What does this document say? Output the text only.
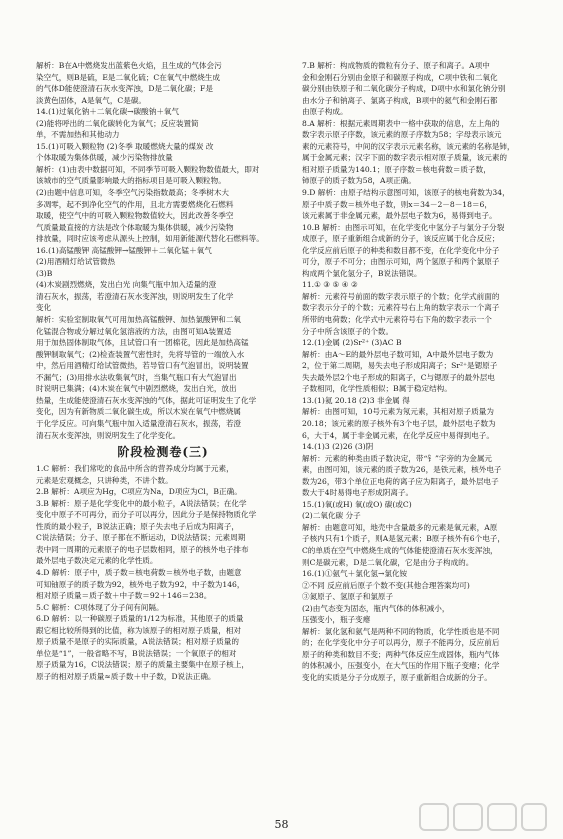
解析：B在A中燃烧发出蓝紫色火焰，且生成的气体会污
染空气，则B是硫，E是二氧化硫；C在氧气中燃烧生成
的气体D能使澄清石灰水变浑浊，D是二氧化碳；F是
淡黄色固体，A是氧气，C是碳。
14.(1)过氧化钠＋二氧化碳→碳酸钠＋氧气
(2)能将呼出的二氧化碳转化为氧气；反应装置简
单，不需加热和其他动力
15.(1)可吸入颗粒物 (2)冬季 取暖燃烧大量的煤炭 改
个体取暖为集体供暖，减少污染物排放量
解析：(1)由表中数据可知，不同季节可吸入颗粒物数值最大，即对
该城市的空气质量影响最大的指标项目是可吸入颗粒物。
(2)由题中信息可知，冬季空气污染指数最高；冬季树木大
多凋零，起不到净化空气的作用，且北方需要燃烧化石燃料
取暖，使空气中的可吸入颗粒物数值较大，因此改善冬季空
气质量最直接的方法是改个体取暖为集体供暖，减少污染物
排放量，同时应该考虑从源头上控制，如用新能源代替化石燃料等。
16.(1)高锰酸钾 高锰酸钾→锰酸钾＋二氧化锰＋氧气
(2)用酒精灯给试管微热
(3)B
(4)木炭剧烈燃烧，发出白光 向集气瓶中加入适量的澄
清石灰水，振荡，若澄清石灰水变浑浊，则说明发生了化学
变化
解析：实验室制取氧气可用加热高锰酸钾、加热氯酸钾和二氧
化锰混合物或分解过氧化氢溶液的方法，由图可知A装置适
用于加热固体制取气体，且试管口有一团棉花，因此是加热高锰
酸钾制取氧气；(2)检查装置气密性时，先将导管的一端放入水
中，然后用酒精灯给试管微热，若导管口有气泡冒出，说明装置
不漏气；(3)用排水法收集氧气时，当集气瓶口有大气泡冒出
时说明已集满；(4)木炭在氧气中剧烈燃烧，发出白光，放出
热量，生成能使澄清石灰水变浑浊的气体，据此可证明发生了化学
变化，因为有新物质二氧化碳生成，所以木炭在氧气中燃烧属
于化学反应。可向集气瓶中加入适量澄清石灰水，振荡，若澄
清石灰水变浑浊，则说明发生了化学变化。
阶段检测卷(三)
1.C 解析：我们常吃的食品中所含的营养成分均属于元素，
元素是宏观概念，只讲种类，不讲个数。
2.B 解析：A项应为Hg，C项应为Na，D项应为Cl，B正确。
3.B 解析：原子是化学变化中的最小粒子，A说法错误；在化学
变化中原子不可再分，而分子可以再分，因此分子是保持物质化学
性质的最小粒子，B说法正确；原子失去电子后成为阳离子，
C说法错误；分子、原子都在不断运动，D说法错误；元素周期
表中同一周期的元素原子的电子层数相同，原子的核外电子排布
最外层电子数决定元素的化学性质。
4.D 解析：原子中，质子数＝核电荷数＝核外电子数，由题意
可知铀原子的质子数为92，核外电子数为92，中子数为146，
相对原子质量＝质子数＋中子数＝92＋146＝238。
5.C 解析：C项体现了分子间有间隔。
6.D 解析：以一种碳原子质量的1/12为标准，其他原子的质量
跟它相比较所得到的比值，称为该原子的相对原子质量，相对
原子质量不是原子的实际质量，A说法错误；相对原子质量的
单位是“1”，一般省略不写，B说法错误；一个氧原子的相对
原子质量为16，C说法错误；原子的质量主要集中在原子核上，
原子的相对原子质量≈质子数＋中子数，D说法正确。
7.B 解析：构成物质的微粒有分子、原子和离子。A项中
金和金刚石分别由金原子和碳原子构成，C项中铁和二氧化
碳分别由铁原子和二氧化碳分子构成，D项中水和氯化钠分别
由水分子和钠离子、氯离子构成，B项中的氦气和金刚石都
由原子构成。
8.A 解析：根据元素周期表中一格中获取的信息，左上角的
数字表示原子序数，该元素的原子序数为58；字母表示该元
素的元素符号，中间的汉字表示元素名称，该元素的名称是铈，
属于金属元素；汉字下面的数字表示相对原子质量，该元素的
相对原子质量为140.1；原子序数＝核电荷数＝质子数，
铈原子的质子数为58，A项正确。
9.D 解析：由原子结构示意图可知，该原子的核电荷数为34，
原子中质子数＝核外电子数，则x＝34－2－8－18＝6，
该元素属于非金属元素，最外层电子数为6，易得到电子。
10.B 解析：由图示可知，在化学变化中氢分子与氯分子分裂
成原子，原子重新组合成新的分子，该反应属于化合反应；
化学反应前后原子的种类和数目都不变，在化学变化中分子
可分，原子不可分；由图示可知，两个氢原子和两个氯原子
构成两个氯化氢分子，B说法错误。
11.① ③ ⑤ ④ ②
解析：元素符号前面的数字表示原子的个数；化学式前面的
数字表示分子的个数；元素符号右上角的数字表示一个离子
所带的电荷数；化学式中元素符号右下角的数字表示一个
分子中所含该原子的个数。
12.(1)金属 (2)Sr²⁺ (3)AC B
解析：由A～E的最外层电子数可知，A中最外层电子数为
2，位于第二周期，易失去电子形成阳离子；Sr²⁺是锶原子
失去最外层2个电子形成的阳离子，C与锶原子的最外层电
子数相同，化学性质相似；B属于稳定结构。
13.(1)氦 20.18 (2)3 非金属 得
解析：由图可知，10号元素为氖元素，其相对原子质量为
20.18；该元素的原子核外有3个电子层，最外层电子数为
6，大于4，属于非金属元素，在化学反应中易得到电子。
14.(1)3 (2)26 (3)阴
解析：元素的种类由质子数决定，带“钅”字旁的为金属元
素，由图可知，该元素的质子数为26，是铁元素，核外电子
数为26，带3个单位正电荷的离子应为阳离子，最外层电子
数大于4时易得电子形成阴离子。
15.(1)氧(或H) 氧(或O) 碳(或C)
(2)二氧化碳 分子
解析：由题意可知，地壳中含量最多的元素是氧元素，A原
子核内只有1个质子，则A是氢元素；B原子核外有6个电子，
C的单质在空气中燃烧生成的气体能使澄清石灰水变浑浊，
则C是碳元素，D是二氧化碳，它是由分子构成的。
16.(1)①氨气＋氯化氢→氯化铵
②不同 反应前后原子个数不变(其他合理答案均可)
③氮原子、氢原子和氯原子
(2)由气态变为固态，瓶内气体的体积减小，
压强变小，瓶子变瘪
解析：氯化氢和氨气是两种不同的物质，化学性质也是不同
的；在化学变化中分子可以再分，原子不能再分，反应前后
原子的种类和数目不变；两种气体反应生成固体，瓶内气体
的体积减小，压强变小，在大气压的作用下瓶子变瘪；化学
变化的实质是分子分成原子，原子重新组合成新的分子。
58
